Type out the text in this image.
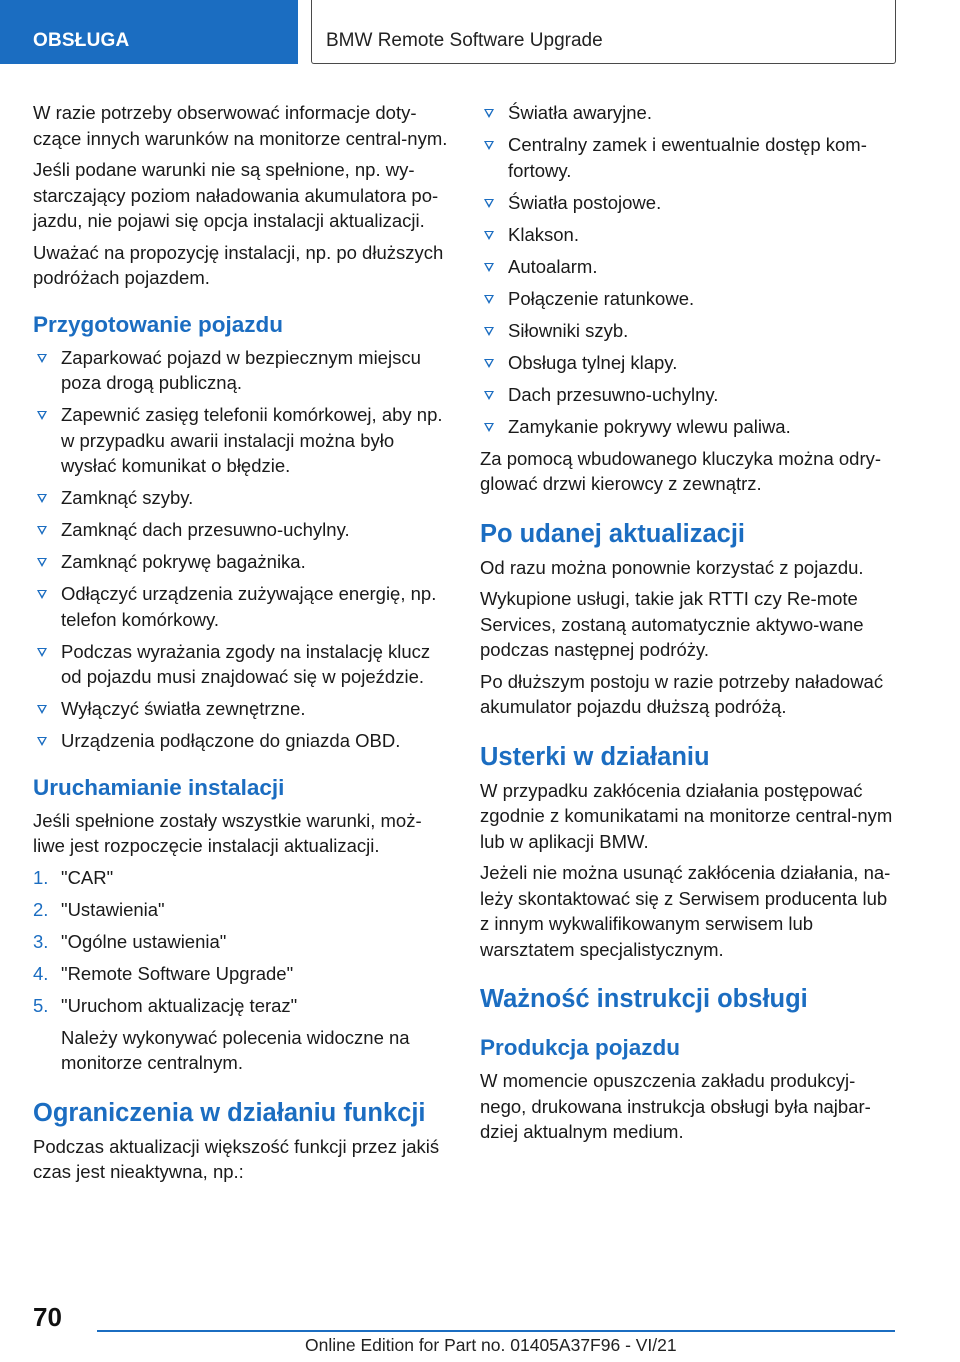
OBSŁUGA	BMW Remote Software Upgrade

W razie potrzeby obserwować informacje doty-czące innych warunków na monitorze central-nym.

Jeśli podane warunki nie są spełnione, np. wy-starczający poziom naładowania akumulatora po-jazdu, nie pojawi się opcja instalacji aktualizacji.

Uważać na propozycję instalacji, np. po dłuższych podróżach pojazdem.

Przygotowanie pojazdu
Zaparkować pojazd w bezpiecznym miejscu poza drogą publiczną.
Zapewnić zasięg telefonii komórkowej, aby np. w przypadku awarii instalacji można było wysłać komunikat o błędzie.
Zamknąć szyby.
Zamknąć dach przesuwno-uchylny.
Zamknąć pokrywę bagażnika.
Odłączyć urządzenia zużywające energię, np. telefon komórkowy.
Podczas wyrażania zgody na instalację klucz od pojazdu musi znajdować się w pojeździe.
Wyłączyć światła zewnętrzne.
Urządzenia podłączone do gniazda OBD.
Uruchamianie instalacji

Jeśli spełnione zostały wszystkie warunki, moż-liwe jest rozpoczęcie instalacji aktualizacji.

1. "CAR"
2. "Ustawienia"
3. "Ogólne ustawienia"
4. "Remote Software Upgrade"
5. "Uruchom aktualizację teraz"

Należy wykonywać polecenia widoczne na monitorze centralnym.

Ograniczenia w działaniu funkcji

Podczas aktualizacji większość funkcji przez jakiś czas jest nieaktywna, np.:

Światła awaryjne.
Centralny zamek i ewentualnie dostęp kom-fortowy.
Światła postojowe.
Klakson.
Autoalarm.
Połączenie ratunkowe.
Siłowniki szyb.
Obsługa tylnej klapy.
Dach przesuwno-uchylny.
Zamykanie pokrywy wlewu paliwa.

Za pomocą wbudowanego kluczyka można odry-glować drzwi kierowcy z zewnątrz.

Po udanej aktualizacji

Od razu można ponownie korzystać z pojazdu.

Wykupione usługi, takie jak RTTI czy Re-mote Services, zostaną automatycznie aktywo-wane podczas następnej podróży.

Po dłuższym postoju w razie potrzeby naładować akumulator pojazdu dłuższą podróżą.

Usterki w działaniu

W przypadku zakłócenia działania postępować zgodnie z komunikatami na monitorze central-nym lub w aplikacji BMW.

Jeżeli nie można usunąć zakłócenia działania, na-leży skontaktować się z Serwisem producenta lub z innym wykwalifikowanym serwisem lub warsztatem specjalistycznym.

Ważność instrukcji obsługi
Produkcja pojazdu

W momencie opuszczenia zakładu produkcyj-nego, drukowana instrukcja obsługi była najbar-dziej aktualnym medium.

70
Online Edition for Part no. 01405A37F96 - VI/21
